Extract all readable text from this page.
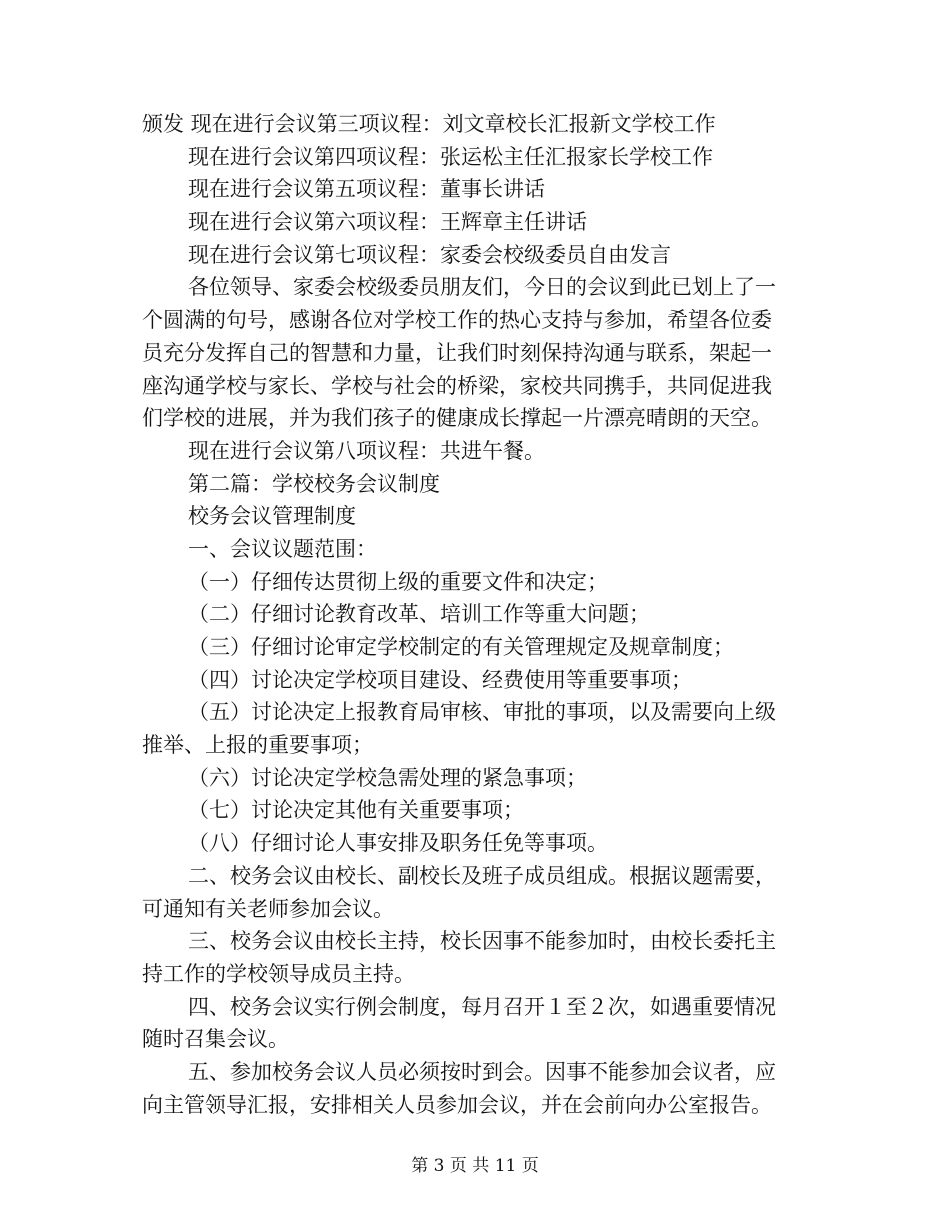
颁发 现在进行会议第三项议程：刘文章校长汇报新文学校工作
现在进行会议第四项议程：张运松主任汇报家长学校工作
现在进行会议第五项议程：董事长讲话
现在进行会议第六项议程：王辉章主任讲话
现在进行会议第七项议程：家委会校级委员自由发言
各位领导、家委会校级委员朋友们，今日的会议到此已划上了一
个圆满的句号，感谢各位对学校工作的热心支持与参加，希望各位委
员充分发挥自己的智慧和力量，让我们时刻保持沟通与联系，架起一
座沟通学校与家长、学校与社会的桥梁，家校共同携手，共同促进我
们学校的进展，并为我们孩子的健康成长撑起一片漂亮晴朗的天空。
现在进行会议第八项议程：共进午餐。
第二篇：学校校务会议制度
校务会议管理制度
一、会议议题范围：
（一）仔细传达贯彻上级的重要文件和决定；
（二）仔细讨论教育改革、培训工作等重大问题；
（三）仔细讨论审定学校制定的有关管理规定及规章制度；
（四）讨论决定学校项目建设、经费使用等重要事项；
（五）讨论决定上报教育局审核、审批的事项，以及需要向上级
推举、上报的重要事项；
（六）讨论决定学校急需处理的紧急事项；
（七）讨论决定其他有关重要事项；
（八）仔细讨论人事安排及职务任免等事项。
二、校务会议由校长、副校长及班子成员组成。根据议题需要，
可通知有关老师参加会议。
三、校务会议由校长主持，校长因事不能参加时，由校长委托主
持工作的学校领导成员主持。
四、校务会议实行例会制度，每月召开１至２次，如遇重要情况
随时召集会议。
五、参加校务会议人员必须按时到会。因事不能参加会议者，应
向主管领导汇报，安排相关人员参加会议，并在会前向办公室报告。
第 3 页 共 11 页
